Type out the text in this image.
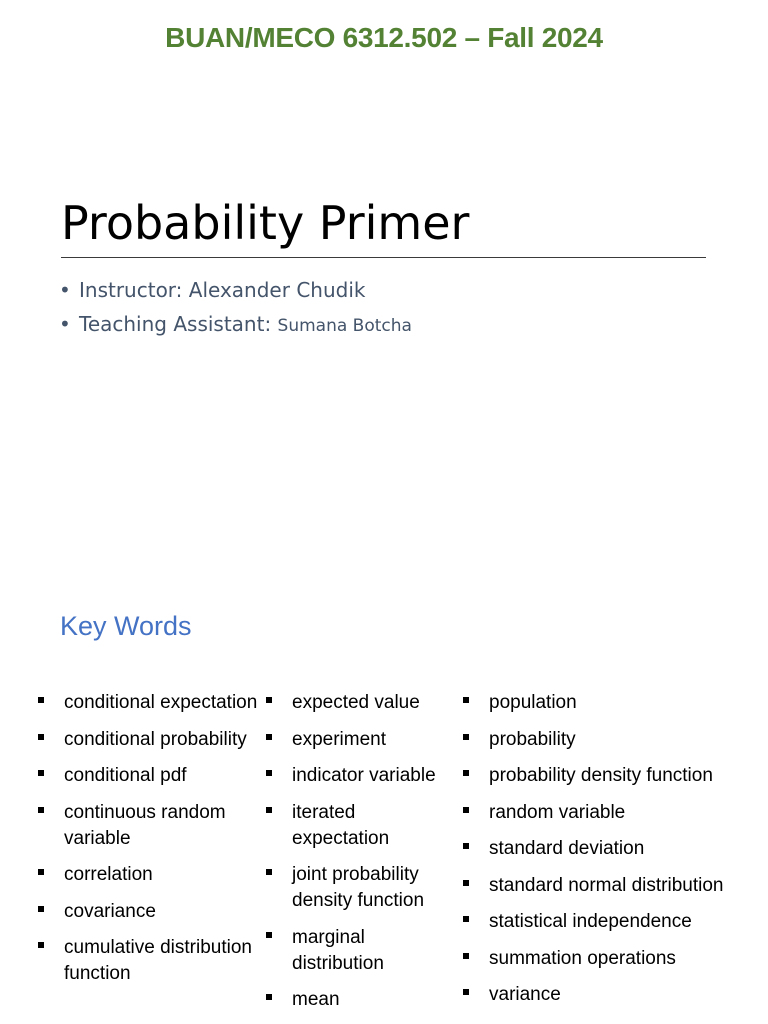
BUAN/MECO 6312.502 – Fall 2024
Probability Primer
• Instructor: Alexander Chudik
• Teaching Assistant: Sumana Botcha
Key Words
conditional expectation
conditional probability
conditional pdf
continuous random variable
correlation
covariance
cumulative distribution function
expected value
experiment
indicator variable
iterated expectation
joint probability density function
marginal distribution
mean
population
probability
probability density function
random variable
standard deviation
standard normal distribution
statistical independence
summation operations
variance
